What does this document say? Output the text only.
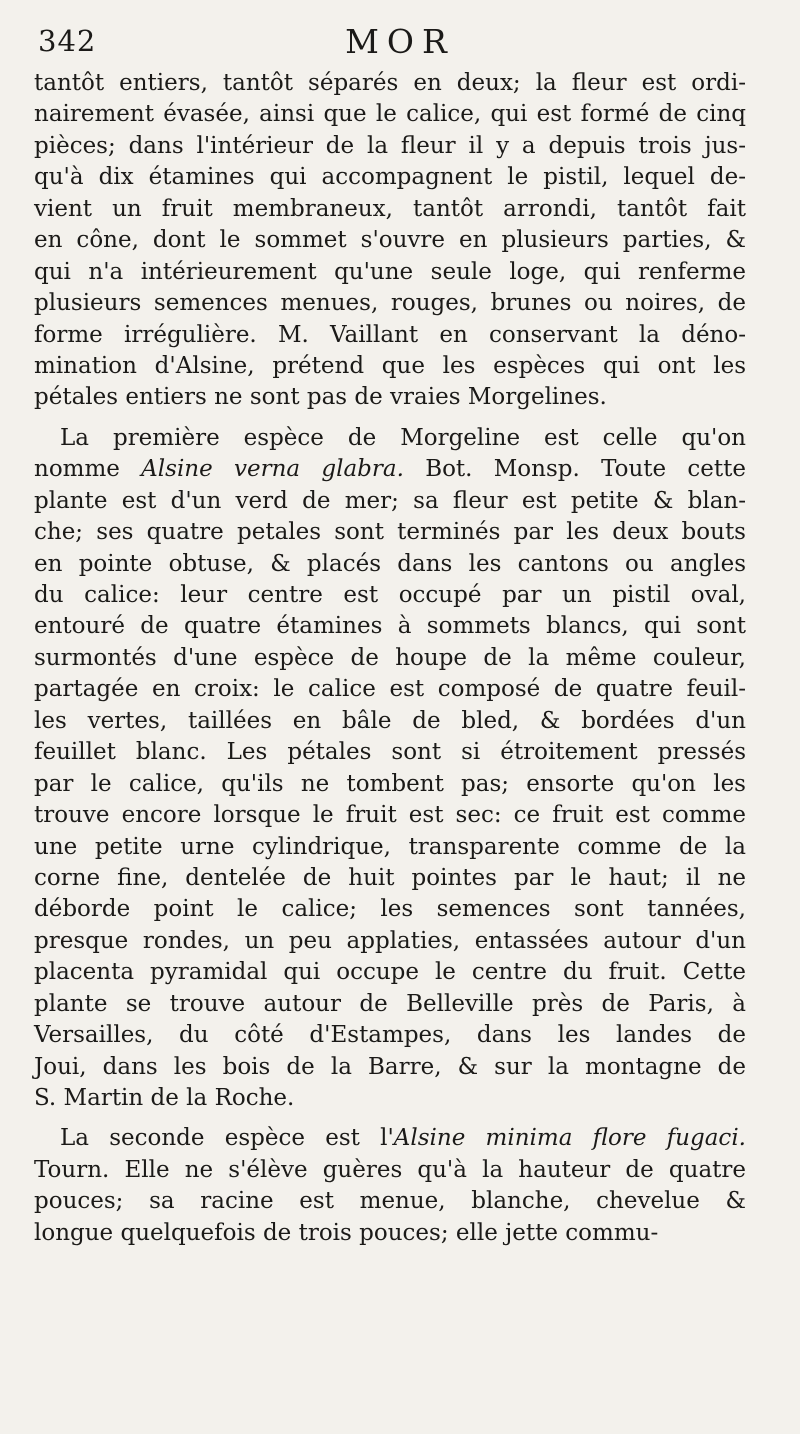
342	MOR
tantôt entiers, tantôt séparés en deux; la fleur est ordi-
nairement évasée, ainsi que le calice, qui est formé de cinq
pièces; dans l'intérieur de la fleur il y a depuis trois jus-
qu'à dix étamines qui accompagnent le pistil, lequel de-
vient un fruit membraneux, tantôt arrondi, tantôt fait
en cône, dont le sommet s'ouvre en plusieurs parties, &
qui n'a intérieurement qu'une seule loge, qui renferme
plusieurs semences menues, rouges, brunes ou noires, de
forme irrégulière. M. Vaillant en conservant la déno-
mination d'Alsine, prétend que les espèces qui ont les
pétales entiers ne sont pas de vraies Morgelines.
La première espèce de Morgeline est celle qu'on
nomme Alsine verna glabra. Bot. Monsp. Toute cette
plante est d'un verd de mer; sa fleur est petite & blan-
che; ses quatre petales sont terminés par les deux bouts
en pointe obtuse, & placés dans les cantons ou angles
du calice: leur centre est occupé par un pistil oval,
entouré de quatre étamines à sommets blancs, qui sont
surmontés d'une espèce de houpe de la même couleur,
partagée en croix: le calice est composé de quatre feuil-
les vertes, taillées en bâle de bled, & bordées d'un
feuillet blanc. Les pétales sont si étroitement pressés
par le calice, qu'ils ne tombent pas; ensorte qu'on les
trouve encore lorsque le fruit est sec: ce fruit est comme
une petite urne cylindrique, transparente comme de la
corne fine, dentelée de huit pointes par le haut; il ne
déborde point le calice; les semences sont tannées,
presque rondes, un peu applaties, entassées autour d'un
placenta pyramidal qui occupe le centre du fruit. Cette
plante se trouve autour de Belleville près de Paris, à
Versailles, du côté d'Estampes, dans les landes de
Joui, dans les bois de la Barre, & sur la montagne de
S. Martin de la Roche.
La seconde espèce est l'Alsine minima flore fugaci.
Tourn. Elle ne s'élève guères qu'à la hauteur de quatre
pouces; sa racine est menue, blanche, chevelue &
longue quelquefois de trois pouces; elle jette commu-
